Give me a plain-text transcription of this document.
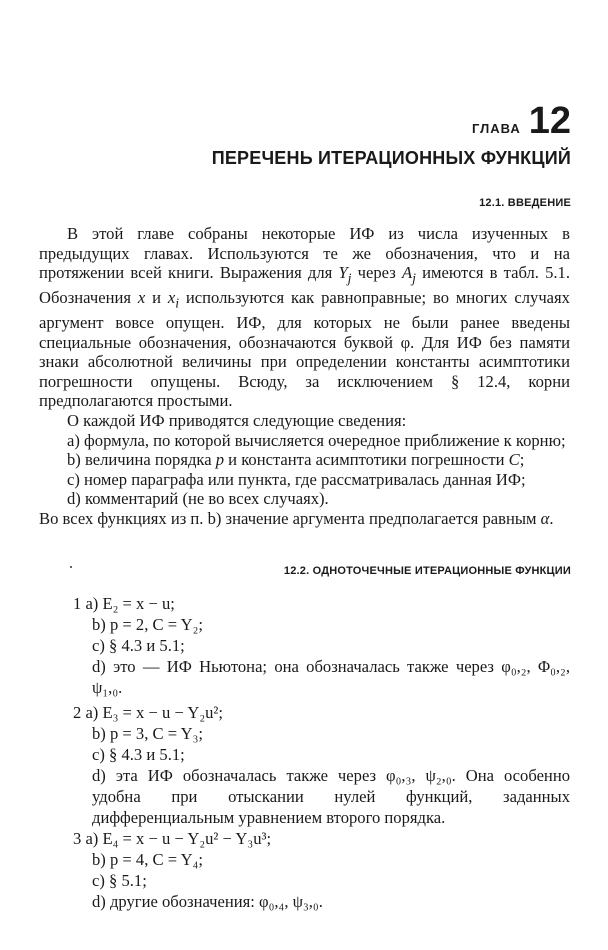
ГЛАВА 12
ПЕРЕЧЕНЬ ИТЕРАЦИОННЫХ ФУНКЦИЙ
12.1. ВВЕДЕНИЕ

В этой главе собраны некоторые ИФ из числа изученных в предыдущих главах. Используются те же обозначения, что и на протяжении всей книги. Выражения для $Y_j$ через $A_j$ имеются в табл. 5.1. Обозначения x и $x_i$ используются как равноправные; во многих случаях аргумент вовсе опущен. ИФ, для которых не были ранее введены специальные обозначения, обозначаются буквой φ. Для ИФ без памяти знаки абсолютной величины при определении константы асимптотики погрешности опущены. Всюду, за исключением § 12.4, корни предполагаются простыми.

О каждой ИФ приводятся следующие сведения:

a) формула, по которой вычисляется очередное приближение к корню;

b) величина порядка p и константа асимптотики погрешности C;

c) номер параграфа или пункта, где рассматривалась данная ИФ;

d) комментарий (не во всех случаях).

Во всех функциях из п. b) значение аргумента предполагается равным α.

12.2. ОДНОТОЧЕЧНЫЕ ИТЕРАЦИОННЫЕ ФУНКЦИИ
1 a) E₂ = x − u;
b) p = 2, C = Y₂;
c) § 4.3 и 5.1;
d) это — ИФ Ньютона; она обозначалась также через φ₀,₂, Φ₀,₂, ψ₁,₀.
2 a) E₃ = x − u − Y₂u²;
b) p = 3, C = Y₃;
c) § 4.3 и 5.1;
d) эта ИФ обозначалась также через φ₀,₃, ψ₂,₀. Она особенно удобна при отыскании нулей функций, заданных дифференциальным уравнением второго порядка.
3 a) E₄ = x − u − Y₂u² − Y₃u³;
b) p = 4, C = Y₄;
c) § 5.1;
d) другие обозначения: φ₀,₄, ψ₃,₀.
